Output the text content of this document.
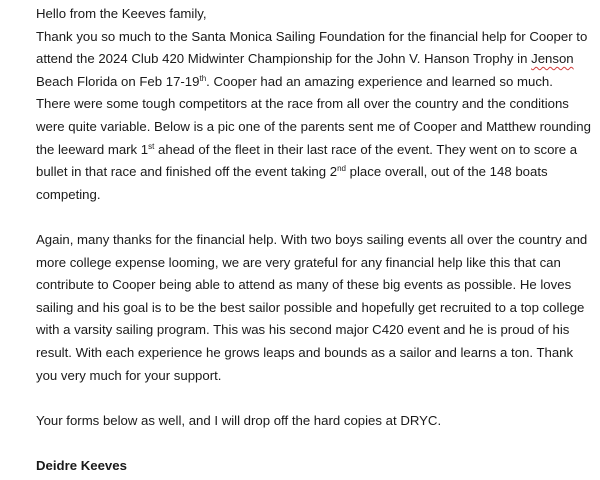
Hello from the Keeves family,
Thank you so much to the Santa Monica Sailing Foundation for the financial help for Cooper to
attend the 2024 Club 420 Midwinter Championship for the John V. Hanson Trophy in Jenson
Beach Florida on Feb 17-19th. Cooper had an amazing experience and learned so much.
There were some tough competitors at the race from all over the country and the conditions
were quite variable. Below is a pic one of the parents sent me of Cooper and Matthew rounding
the leeward mark 1st ahead of the fleet in their last race of the event. They went on to score a
bullet in that race and finished off the event taking 2nd place overall, out of the 148 boats
competing.
Again, many thanks for the financial help. With two boys sailing events all over the country and
more college expense looming, we are very grateful for any financial help like this that can
contribute to Cooper being able to attend as many of these big events as possible. He loves
sailing and his goal is to be the best sailor possible and hopefully get recruited to a top college
with a varsity sailing program. This was his second major C420 event and he is proud of his
result. With each experience he grows leaps and bounds as a sailor and learns a ton. Thank
you very much for your support.
Your forms below as well, and I will drop off the hard copies at DRYC.
Deidre Keeves
